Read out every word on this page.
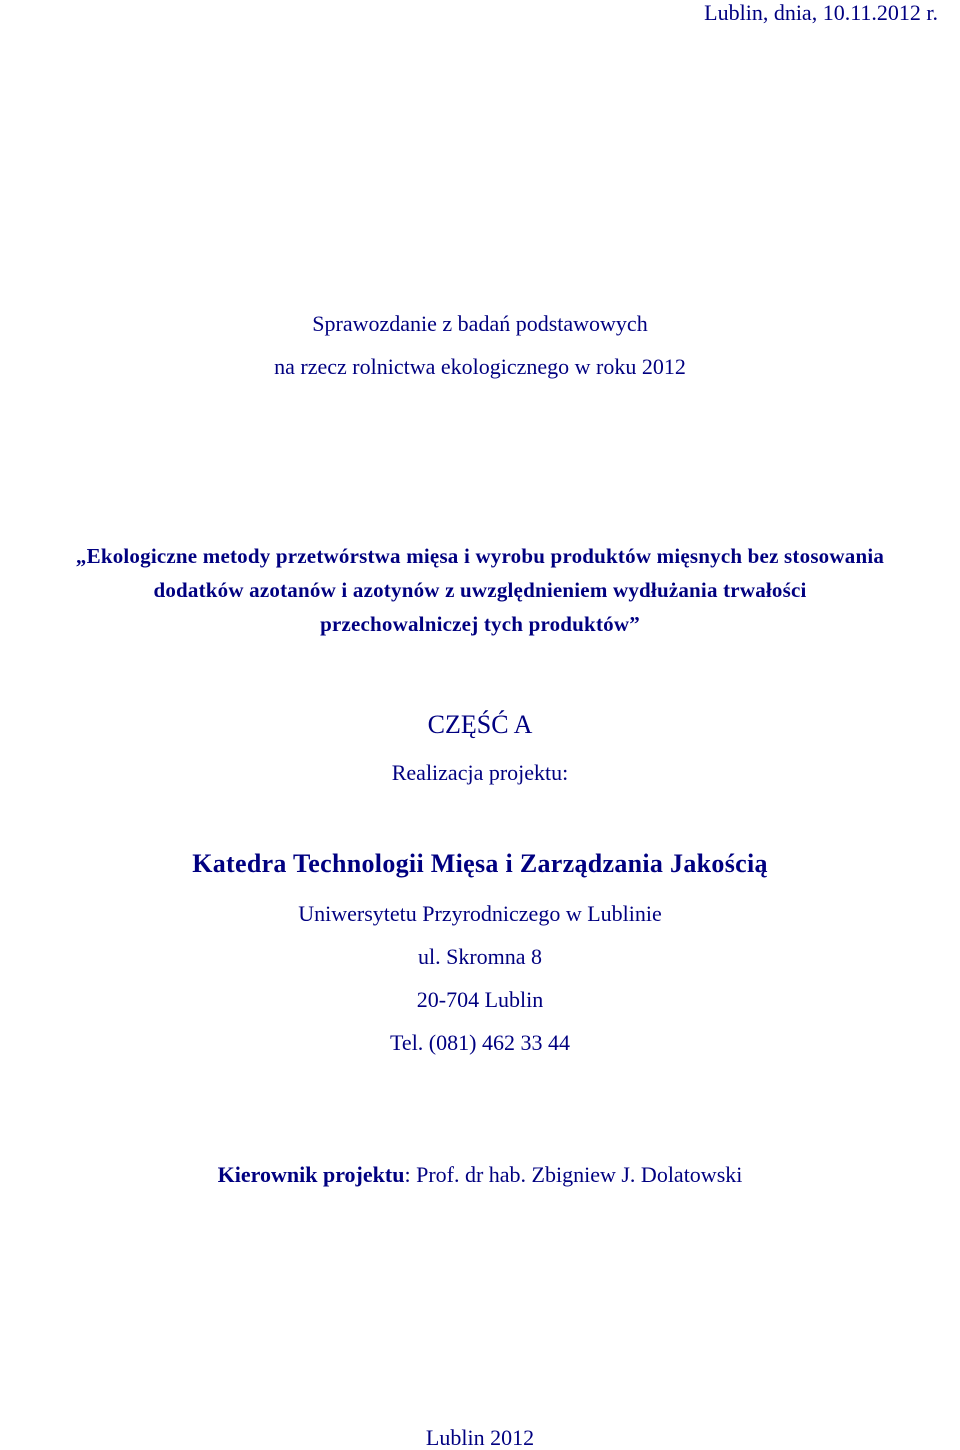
Lublin, dnia, 10.11.2012 r.
Sprawozdanie z badań podstawowych
na rzecz rolnictwa ekologicznego w roku 2012
„Ekologiczne metody przetwórstwa mięsa i wyrobu produktów mięsnych bez stosowania
dodatków azotanów i azotynów z uwzględnieniem wydłużania trwałości
przechowalniczej tych produktów”
CZĘŚĆ A
Realizacja projektu:
Katedra Technologii Mięsa i Zarządzania Jakością
Uniwersytetu Przyrodniczego w Lublinie
ul. Skromna 8
20-704 Lublin
Tel. (081) 462 33 44
Kierownik projektu: Prof. dr hab. Zbigniew J. Dolatowski
Lublin 2012
